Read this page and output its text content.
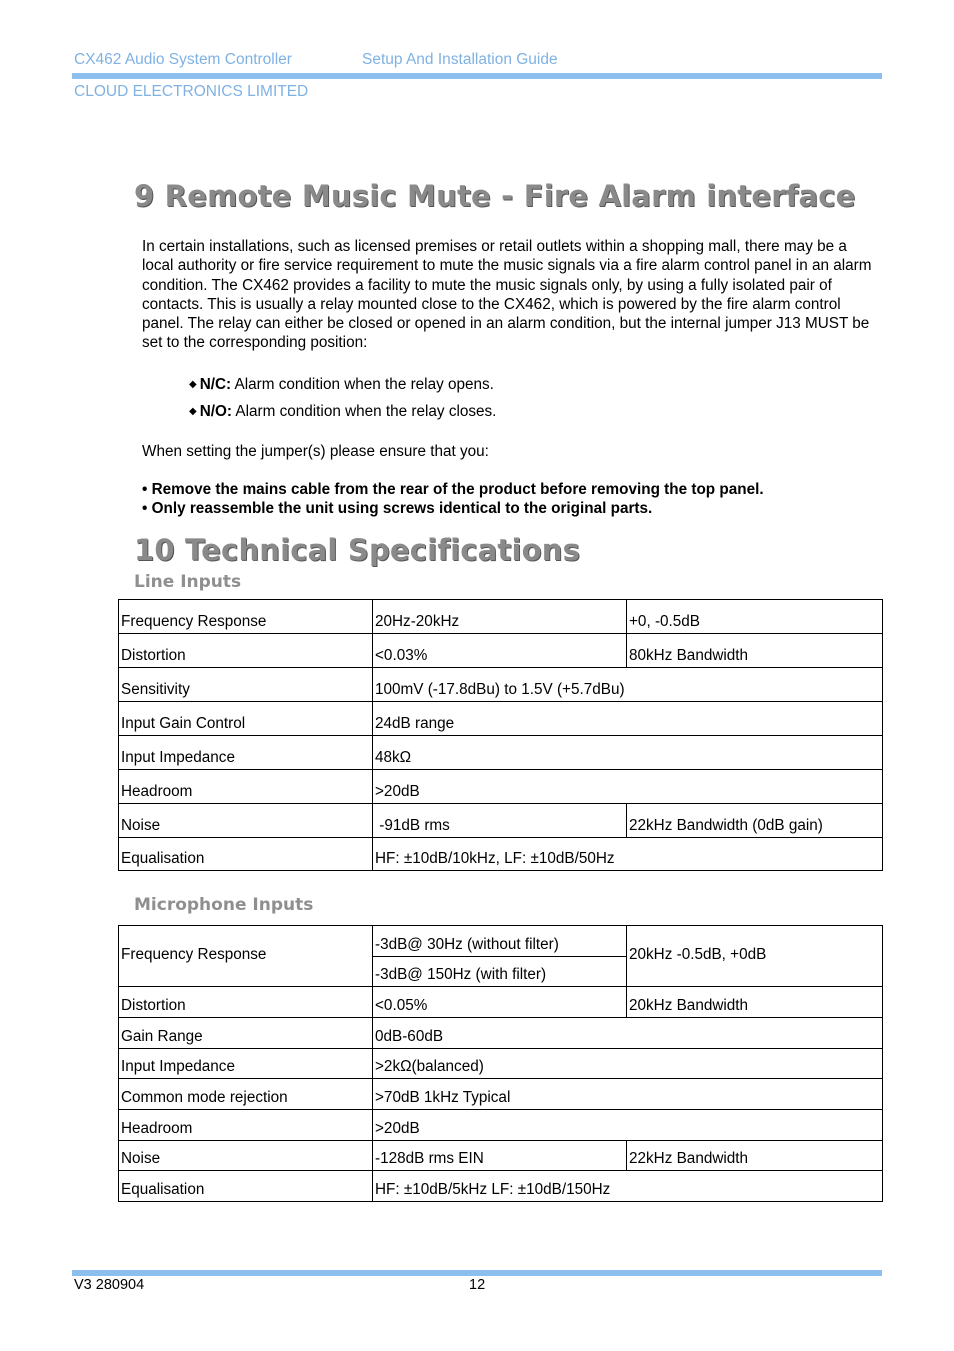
CX462 Audio System Controller	Setup And Installation Guide
CLOUD ELECTRONICS LIMITED
9 Remote Music Mute - Fire Alarm interface
In certain installations, such as licensed premises or retail outlets within a shopping mall, there may be a local authority or fire service requirement to mute the music signals via a fire alarm control panel in an alarm condition. The CX462 provides a facility to mute the music signals only, by using a fully isolated pair of contacts. This is usually a relay mounted close to the CX462, which is powered by the fire alarm control panel. The relay can either be closed or opened in an alarm condition, but the internal jumper J13 MUST be set to the corresponding position:
◆ N/C: Alarm condition when the relay opens.
◆ N/O: Alarm condition when the relay closes.
When setting the jumper(s) please ensure that you:
• Remove the mains cable from the rear of the product before removing the top panel.
• Only reassemble the unit using screws identical to the original parts.
10 Technical Specifications
Line Inputs
Frequency Response	20Hz-20kHz	+0, -0.5dB
Distortion	<0.03%	80kHz Bandwidth
Sensitivity	100mV (-17.8dBu) to 1.5V (+5.7dBu)	
Input Gain Control	24dB range	
Input Impedance	48kΩ	
Headroom	>20dB	
Noise	-91dB rms	22kHz Bandwidth (0dB gain)
Equalisation	HF: ±10dB/10kHz, LF: ±10dB/50Hz	
Microphone Inputs
Frequency Response	-3dB@ 30Hz (without filter)	20kHz -0.5dB, +0dB
	-3dB@ 150Hz (with filter)	
Distortion	<0.05%	20kHz Bandwidth
Gain Range	0dB-60dB	
Input Impedance	>2kΩ(balanced)	
Common mode rejection	>70dB 1kHz Typical	
Headroom	>20dB	
Noise	-128dB rms EIN	22kHz Bandwidth
Equalisation	HF: ±10dB/5kHz LF: ±10dB/150Hz	
V3 280904	12
